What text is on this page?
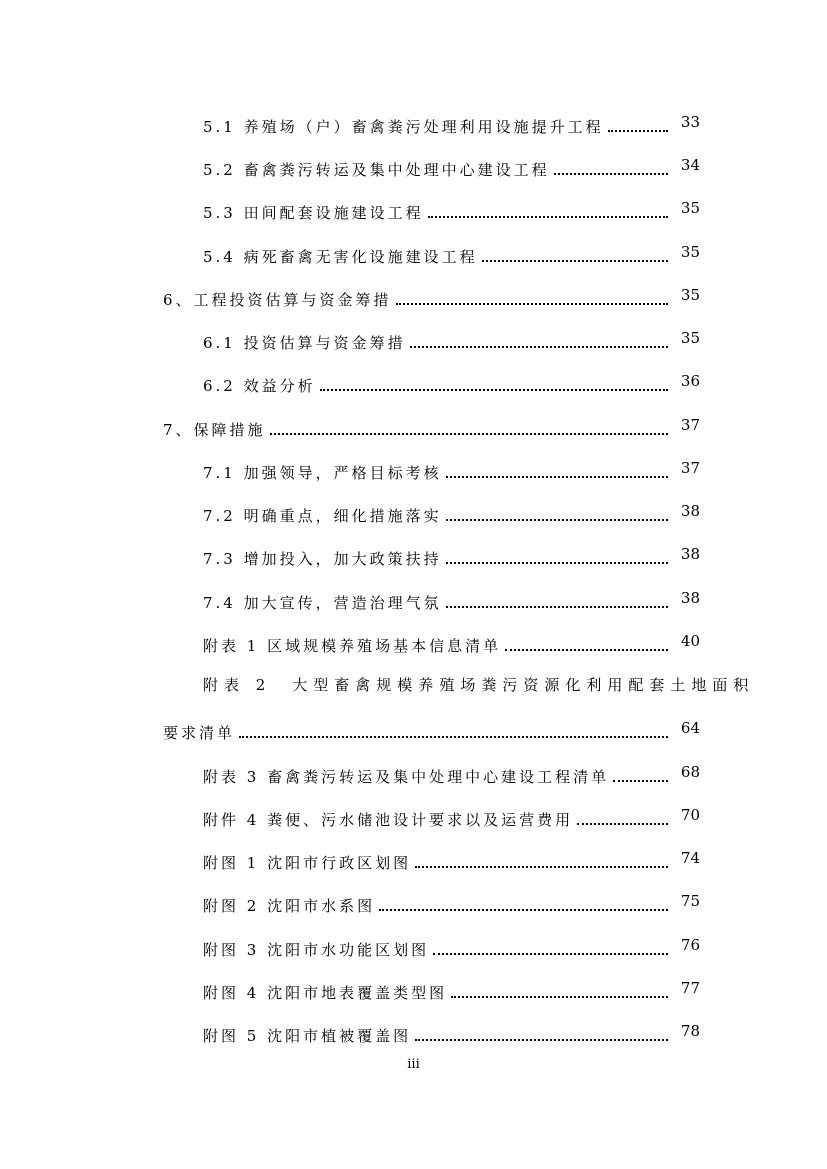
5.1 养殖场（户）畜禽粪污处理利用设施提升工程	33
5.2 畜禽粪污转运及集中处理中心建设工程	34
5.3 田间配套设施建设工程	35
5.4 病死畜禽无害化设施建设工程	35
6、工程投资估算与资金筹措	35
6.1 投资估算与资金筹措	35
6.2 效益分析	36
7、保障措施	37
7.1 加强领导，严格目标考核	37
7.2 明确重点，细化措施落实	38
7.3 增加投入，加大政策扶持	38
7.4 加大宣传，营造治理气氛	38
附表 1 区域规模养殖场基本信息清单	40
附表 2　大型畜禽规模养殖场粪污资源化利用配套土地面积
要求清单	64
附表 3 畜禽粪污转运及集中处理中心建设工程清单	68
附件 4 粪便、污水储池设计要求以及运营费用	70
附图 1 沈阳市行政区划图	74
附图 2 沈阳市水系图	75
附图 3 沈阳市水功能区划图	76
附图 4 沈阳市地表覆盖类型图	77
附图 5 沈阳市植被覆盖图	78
iii
